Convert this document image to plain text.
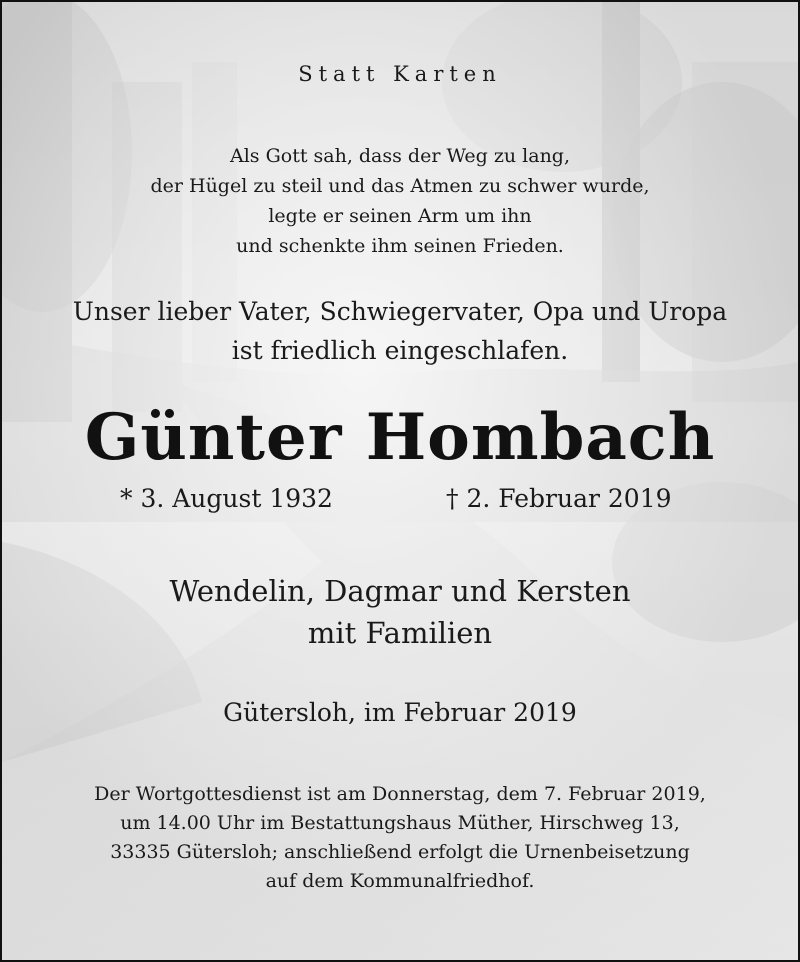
Statt Karten
Als Gott sah, dass der Weg zu lang,
der Hügel zu steil und das Atmen zu schwer wurde,
legte er seinen Arm um ihn
und schenkte ihm seinen Frieden.
Unser lieber Vater, Schwiegervater, Opa und Uropa
ist friedlich eingeschlafen.
Günter Hombach
* 3. August 1932	† 2. Februar 2019
Wendelin, Dagmar und Kersten
mit Familien
Gütersloh, im Februar 2019
Der Wortgottesdienst ist am Donnerstag, dem 7. Februar 2019,
um 14.00 Uhr im Bestattungshaus Müther, Hirschweg 13,
33335 Gütersloh; anschließend erfolgt die Urnenbeisetzung
auf dem Kommunalfriedhof.
